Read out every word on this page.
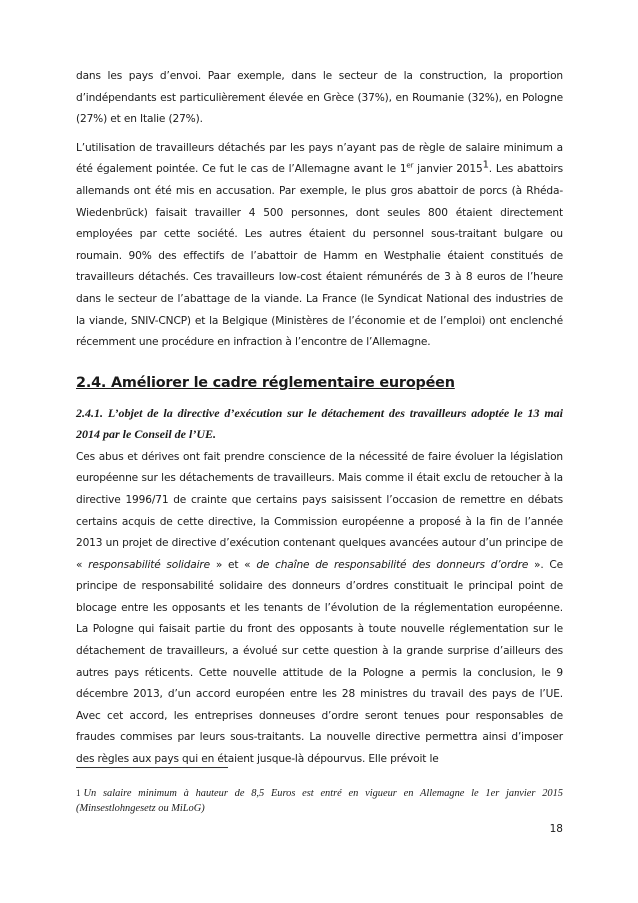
dans les pays d’envoi. Paar exemple, dans le secteur de la construction, la proportion d’indépendants est particulièrement élevée en Grèce (37%), en Roumanie (32%), en Pologne (27%) et en Italie (27%).

L’utilisation de travailleurs détachés par les pays n’ayant pas de règle de salaire minimum a été également pointée. Ce fut le cas de l’Allemagne avant le 1er janvier 20151. Les abattoirs allemands ont été mis en accusation. Par exemple, le plus gros abattoir de porcs (à Rhéda-Wiedenbrück) faisait travailler 4 500 personnes, dont seules 800 étaient directement employées par cette société. Les autres étaient du personnel sous-traitant bulgare ou roumain. 90% des effectifs de l’abattoir de Hamm en Westphalie étaient constitués de travailleurs détachés. Ces travailleurs low-cost étaient rémunérés de 3 à 8 euros de l’heure dans le secteur de l’abattage de la viande. La France (le Syndicat National des industries de la viande, SNIV-CNCP) et la Belgique (Ministères de l’économie et de l’emploi) ont enclenché récemment une procédure en infraction à l’encontre de l’Allemagne.

2.4. Améliorer le cadre réglementaire européen

2.4.1. L’objet de la directive d’exécution sur le détachement des travailleurs adoptée le 13 mai 2014 par le Conseil de l’UE.

Ces abus et dérives ont fait prendre conscience de la nécessité de faire évoluer la législation européenne sur les détachements de travailleurs. Mais comme il était exclu de retoucher à la directive 1996/71 de crainte que certains pays saisissent l’occasion de remettre en débats certains acquis de cette directive, la Commission européenne a proposé à la fin de l’année 2013 un projet de directive d’exécution contenant quelques avancées autour d’un principe de « responsabilité solidaire » et « de chaîne de responsabilité des donneurs d’ordre ». Ce principe de responsabilité solidaire des donneurs d’ordres constituait le principal point de blocage entre les opposants et les tenants de l’évolution de la réglementation européenne. La Pologne qui faisait partie du front des opposants à toute nouvelle réglementation sur le détachement de travailleurs, a évolué sur cette question à la grande surprise d’ailleurs des autres pays réticents. Cette nouvelle attitude de la Pologne a permis la conclusion, le 9 décembre 2013, d’un accord européen entre les 28 ministres du travail des pays de l’UE. Avec cet accord, les entreprises donneuses d’ordre seront tenues pour responsables de fraudes commises par leurs sous-traitants. La nouvelle directive permettra ainsi d’imposer des règles aux pays qui en étaient jusque-là dépourvus. Elle prévoit le

1 Un salaire minimum à hauteur de 8,5 Euros est entré en vigueur en Allemagne le 1er janvier 2015 (Minsestlohngesetz ou MiLoG)

18
